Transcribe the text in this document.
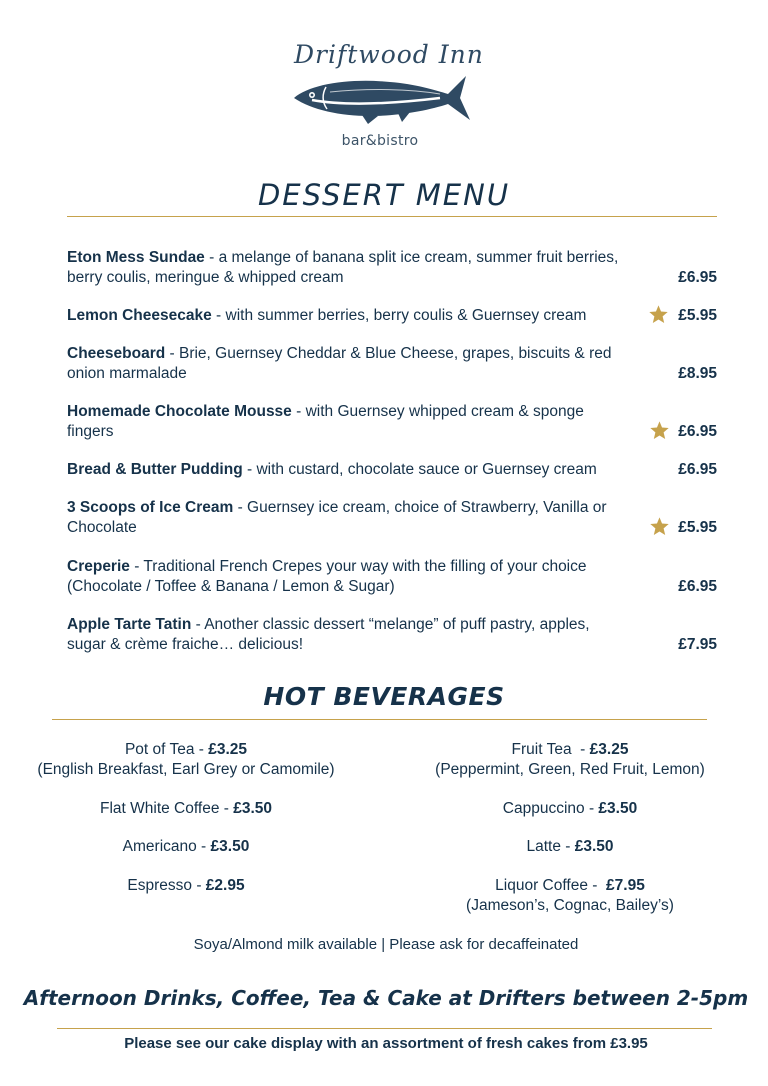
Driftwood Inn
bar&bistro
DESSERT MENU
Eton Mess Sundae - a melange of banana split ice cream, summer fruit berries, berry coulis, meringue & whipped cream	£6.95
Lemon Cheesecake - with summer berries, berry coulis & Guernsey cream	£5.95
Cheeseboard - Brie, Guernsey Cheddar & Blue Cheese, grapes, biscuits & red onion marmalade	£8.95
Homemade Chocolate Mousse - with Guernsey whipped cream & sponge fingers	£6.95
Bread & Butter Pudding - with custard, chocolate sauce or Guernsey cream	£6.95
3 Scoops of Ice Cream - Guernsey ice cream, choice of Strawberry, Vanilla or Chocolate	£5.95
Creperie - Traditional French Crepes your way with the filling of your choice (Chocolate / Toffee & Banana / Lemon & Sugar)	£6.95
Apple Tarte Tatin - Another classic dessert “melange” of puff pastry, apples, sugar & crème fraiche… delicious!	£7.95
HOT BEVERAGES
Pot of Tea - £3.25
(English Breakfast, Earl Grey or Camomile)
Flat White Coffee - £3.50
Americano - £3.50
Espresso - £2.95
Fruit Tea  - £3.25
(Peppermint, Green, Red Fruit, Lemon)
Cappuccino - £3.50
Latte - £3.50
Liquor Coffee -  £7.95
(Jameson’s, Cognac, Bailey’s)
Soya/Almond milk available | Please ask for decaffeinated
Afternoon Drinks, Coffee, Tea & Cake at Drifters between 2-5pm
Please see our cake display with an assortment of fresh cakes from £3.95
